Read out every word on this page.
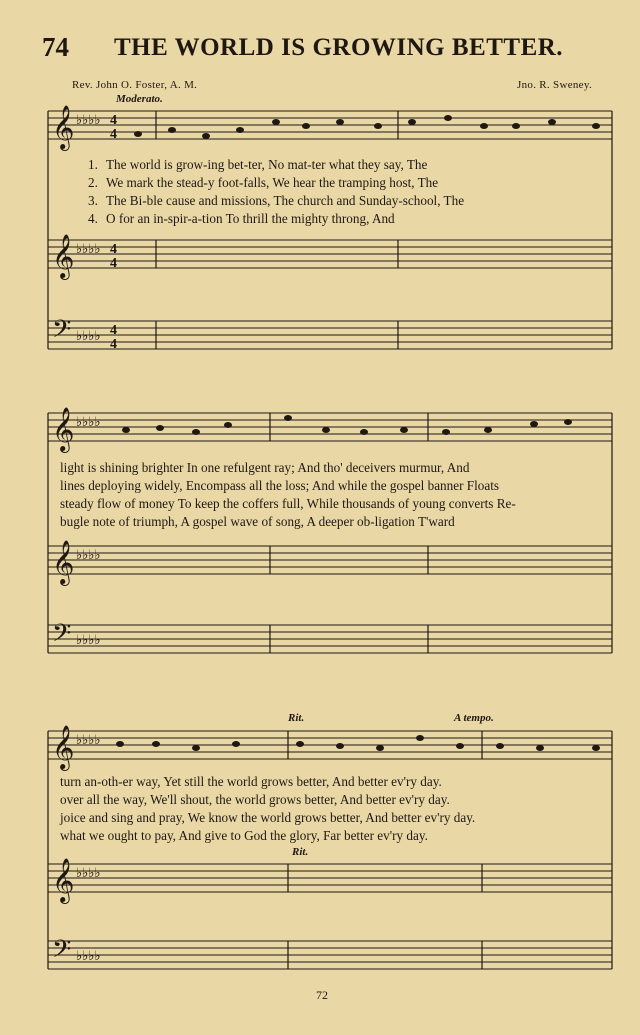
𝄞
𝄞
𝄢
𝄞
𝄞
𝄢
𝄞
𝄞
𝄢
♭♭♭♭
♭♭♭♭
♭♭♭♭
♭♭♭♭
♭♭♭♭
♭♭♭♭
♭♭♭♭
♭♭♭♭
♭♭♭♭
4
4
4
4
4
4
74 THE WORLD IS GROWING BETTER.
Rev. John O. Foster, A. M.	Jno. R. Sweney.
Moderato.
Rit.	A tempo.
Rit.
1. The world is grow-ing bet-ter, No mat-ter what they say, The
2. We mark the stead-y foot-falls, We hear the tramping host, The
3. The Bi-ble cause and missions, The church and Sunday-school, The
4. O for an in-spir-a-tion To thrill the mighty throng, And
light is shining brighter In one refulgent ray; And tho' deceivers murmur, And
lines deploying widely, Encompass all the loss; And while the gospel banner Floats
steady flow of money To keep the coffers full, While thousands of young converts Re-
bugle note of triumph, A gospel wave of song, A deeper ob-ligation T'ward
turn an-oth-er way, Yet still the world grows better, And better ev'ry day.
over all the way, We'll shout, the world grows better, And better ev'ry day.
joice and sing and pray, We know the world grows better, And better ev'ry day.
what we ought to pay, And give to God the glory, Far better ev'ry day.
72
